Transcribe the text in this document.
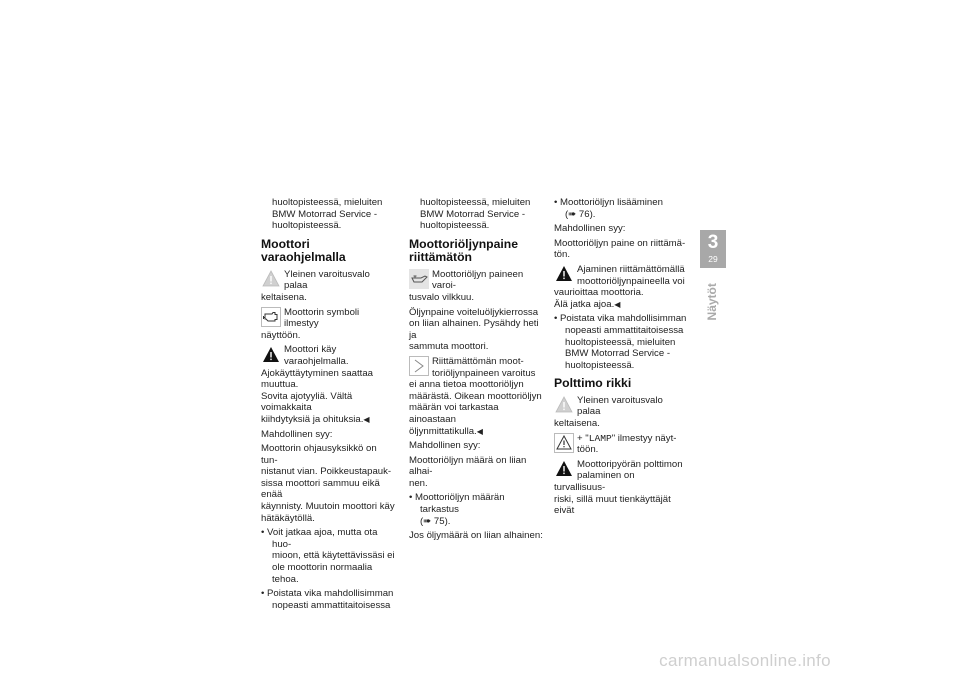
huoltopisteessä, mieluiten
BMW Motorrad Service -
huoltopisteessä.

Moottori varaohjelmalla
Yleinen varoitusvalo palaa
keltaisena.
Moottorin symboli ilmestyy
näyttöön.
Moottori käy varaohjelmalla.
Ajokäyttäytyminen saattaa
muuttua.
Sovita ajotyyliä. Vältä voimakkaita
kiihdytyksiä ja ohituksia.◀

Mahdollinen syy:

Moottorin ohjausyksikkö on tun-
nistanut vian. Poikkeustapauk-
sissa moottori sammuu eikä enää
käynnisty. Muutoin moottori käy
hätäkäytöllä.

• Voit jatkaa ajoa, mutta ota huo-
mioon, että käytettävissäsi ei
ole moottorin normaalia tehoa.

• Poistata vika mahdollisimman
nopeasti ammattitaitoisessa

huoltopisteessä, mieluiten
BMW Motorrad Service -
huoltopisteessä.

Moottoriöljynpaine
riittämätön
Moottoriöljyn paineen varoi-
tusvalo vilkkuu.

Öljynpaine voiteluöljykierrossa
on liian alhainen. Pysähdy heti ja
sammuta moottori.

Riittämättömän moot-
toriöljynpaineen varoitus
ei anna tietoa moottoriöljyn
määrästä. Oikean moottoriöljyn
määrän voi tarkastaa ainoastaan
öljynmittatikulla.◀

Mahdollinen syy:

Moottoriöljyn määrä on liian alhai-
nen.

• Moottoriöljyn määrän tarkastus
(➠ 75).

Jos öljymäärä on liian alhainen:

• Moottoriöljyn lisääminen
(➠ 76).

Mahdollinen syy:

Moottoriöljyn paine on riittämä-
tön.

Ajaminen riittämättömällä
moottoriöljynpaineella voi
vaurioittaa moottoria.
Älä jatka ajoa.◀

• Poistata vika mahdollisimman
nopeasti ammattitaitoisessa
huoltopisteessä, mieluiten
BMW Motorrad Service -
huoltopisteessä.

Polttimo rikki
Yleinen varoitusvalo palaa
keltaisena.
+ "LAMP" ilmestyy näyt-
töön.
Moottoripyörän polttimon
palaminen on turvallisuus-
riski, sillä muut tienkäyttäjät eivät
3
29
Näytöt
carmanualsonline.info
